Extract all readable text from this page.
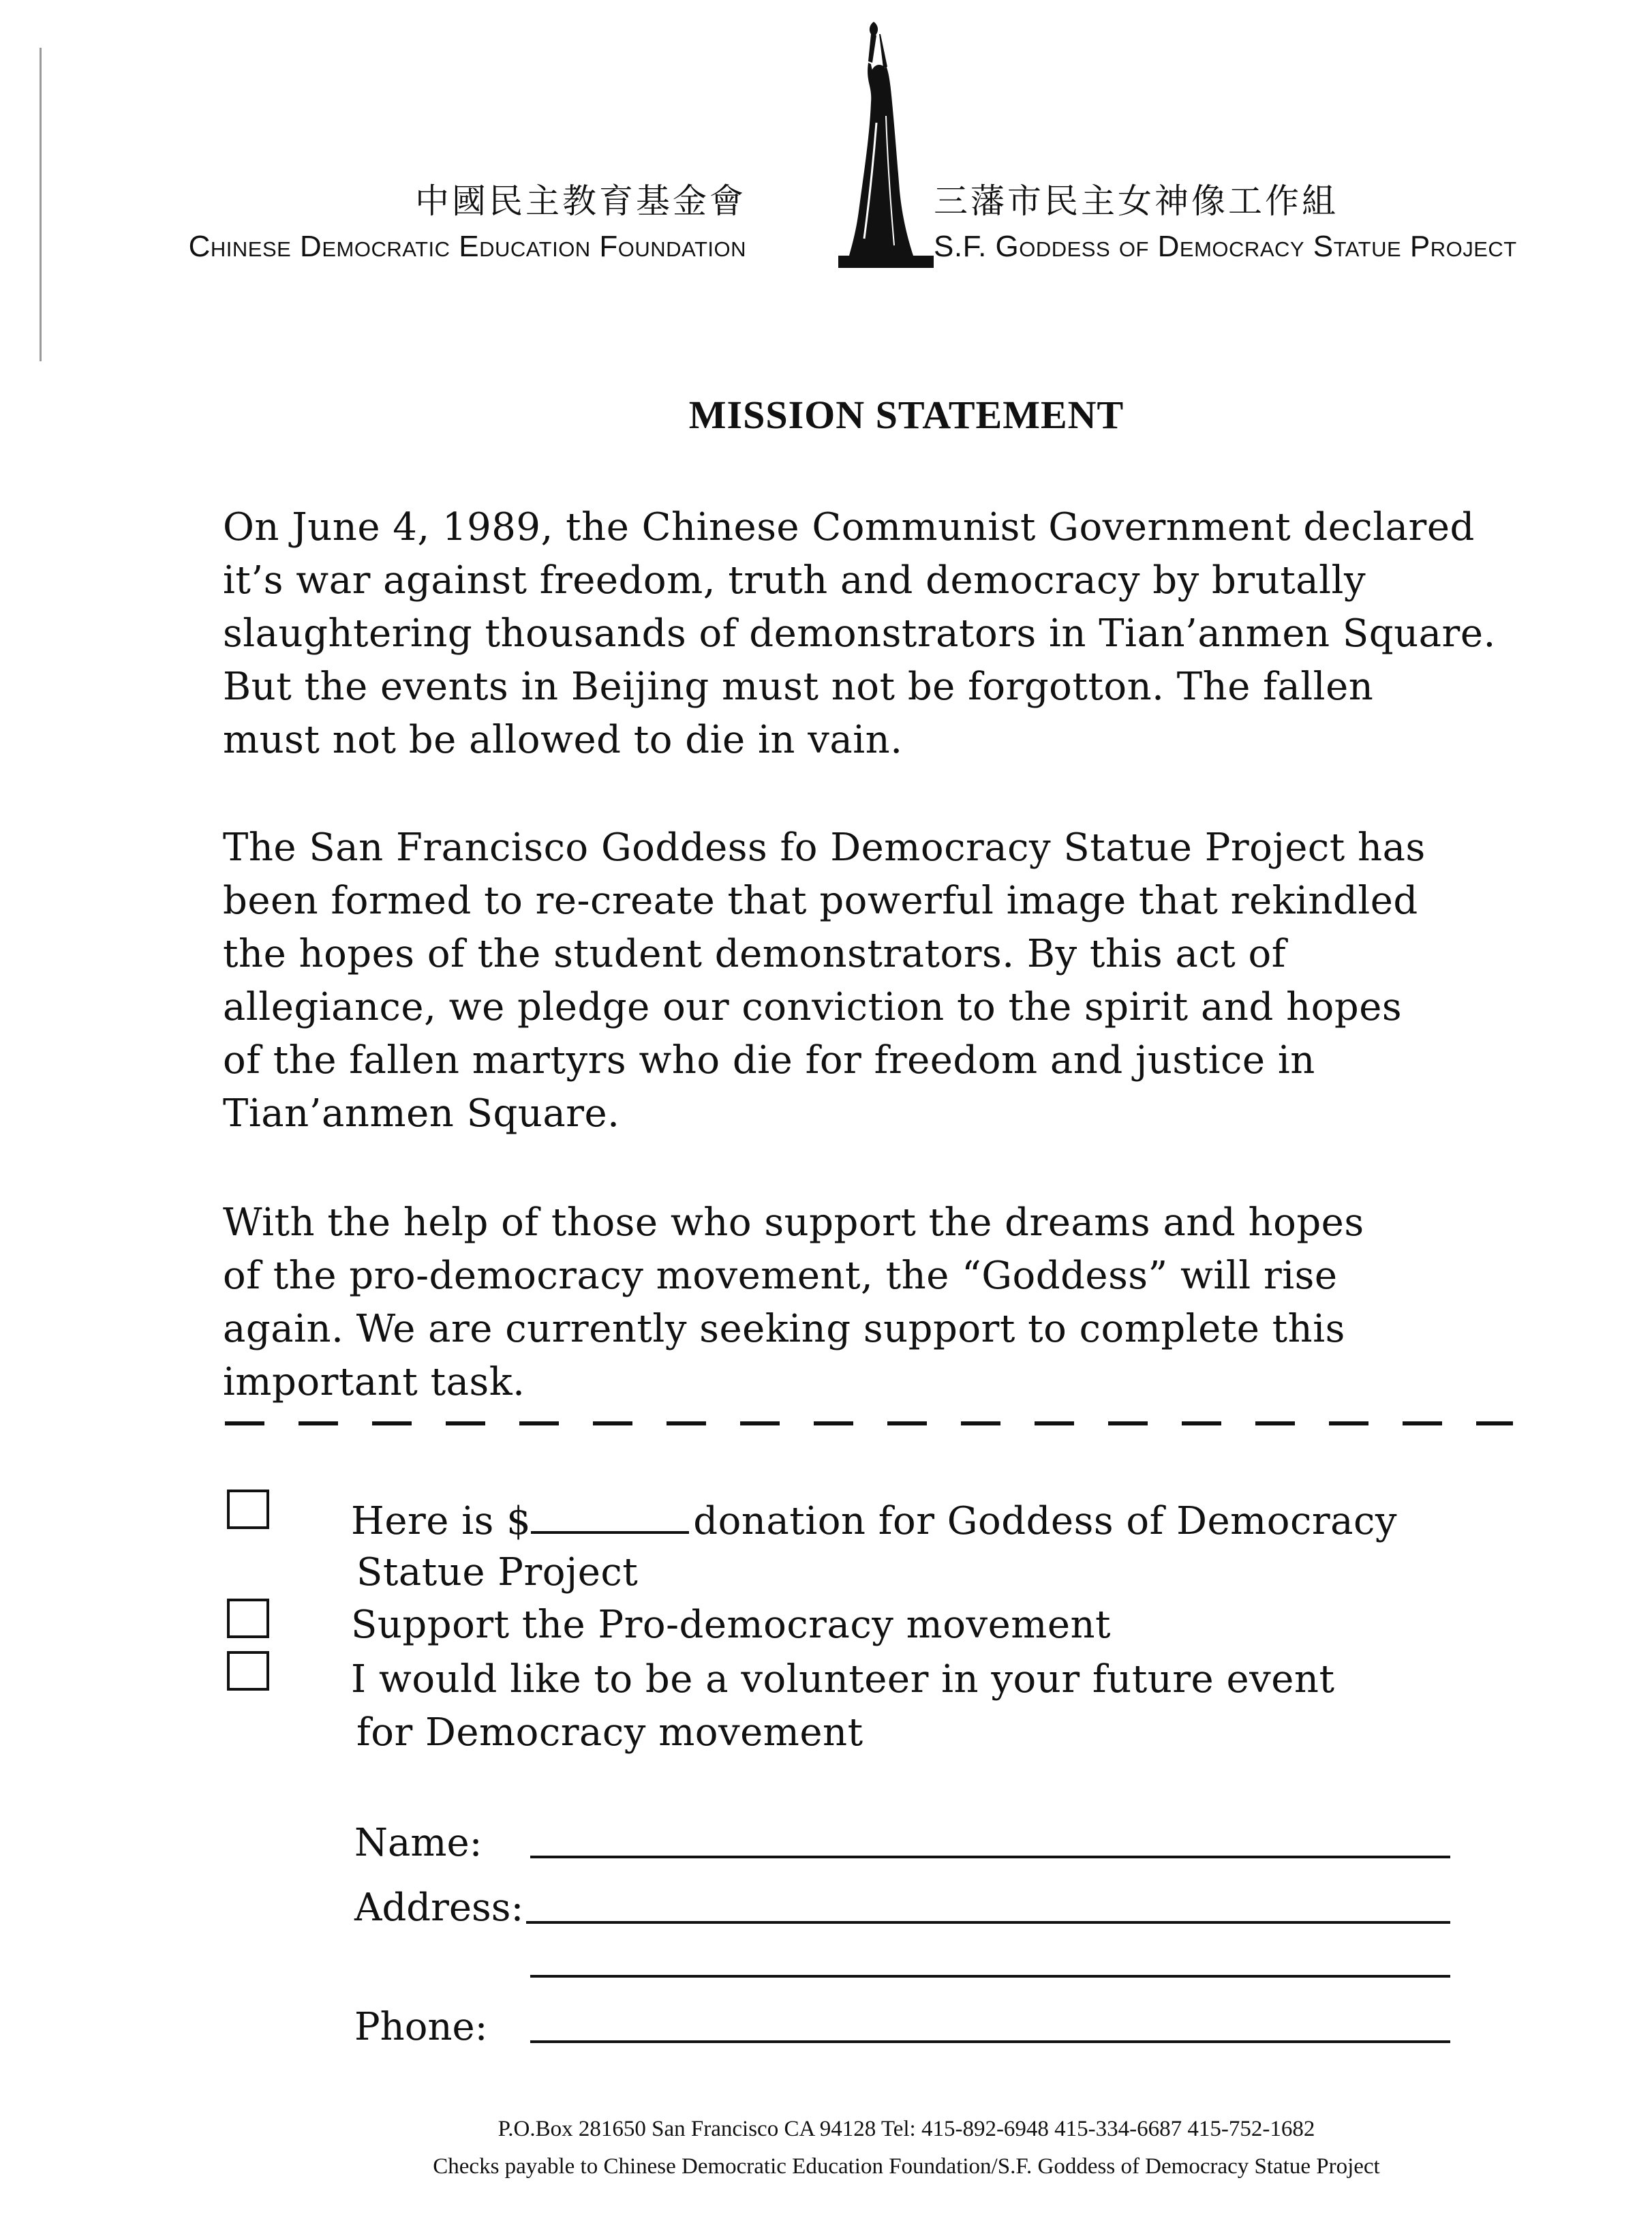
中國民主教育基金會
Chinese Democratic Education Foundation
三藩市民主女神像工作組
S.F. Goddess of Democracy Statue Project
MISSION STATEMENT
On June 4, 1989, the Chinese Communist Government declared
it’s war against freedom, truth and democracy by brutally
slaughtering thousands of demonstrators in Tian’anmen Square.
But the events in Beijing must not be forgotton. The fallen
must not be allowed to die in vain.
The San Francisco Goddess fo Democracy Statue Project has
been formed to re-create that powerful image that rekindled
the hopes of the student demonstrators. By this act of
allegiance, we pledge our conviction to the spirit and hopes
of the fallen martyrs who die for freedom and justice in
Tian’anmen Square.
With the help of those who support the dreams and hopes
of the pro-democracy movement, the “Goddess” will rise
again. We are currently seeking support to complete this
important task.
Here is $	donation for Goddess of Democracy
Statue Project
Support the Pro-democracy movement
I would like to be a volunteer in your future event
for Democracy movement
Name:
Address:
Phone:
P.O.Box 281650 San Francisco CA 94128 Tel: 415-892-6948 415-334-6687 415-752-1682
Checks payable to Chinese Democratic Education Foundation/S.F. Goddess of Democracy Statue Project
